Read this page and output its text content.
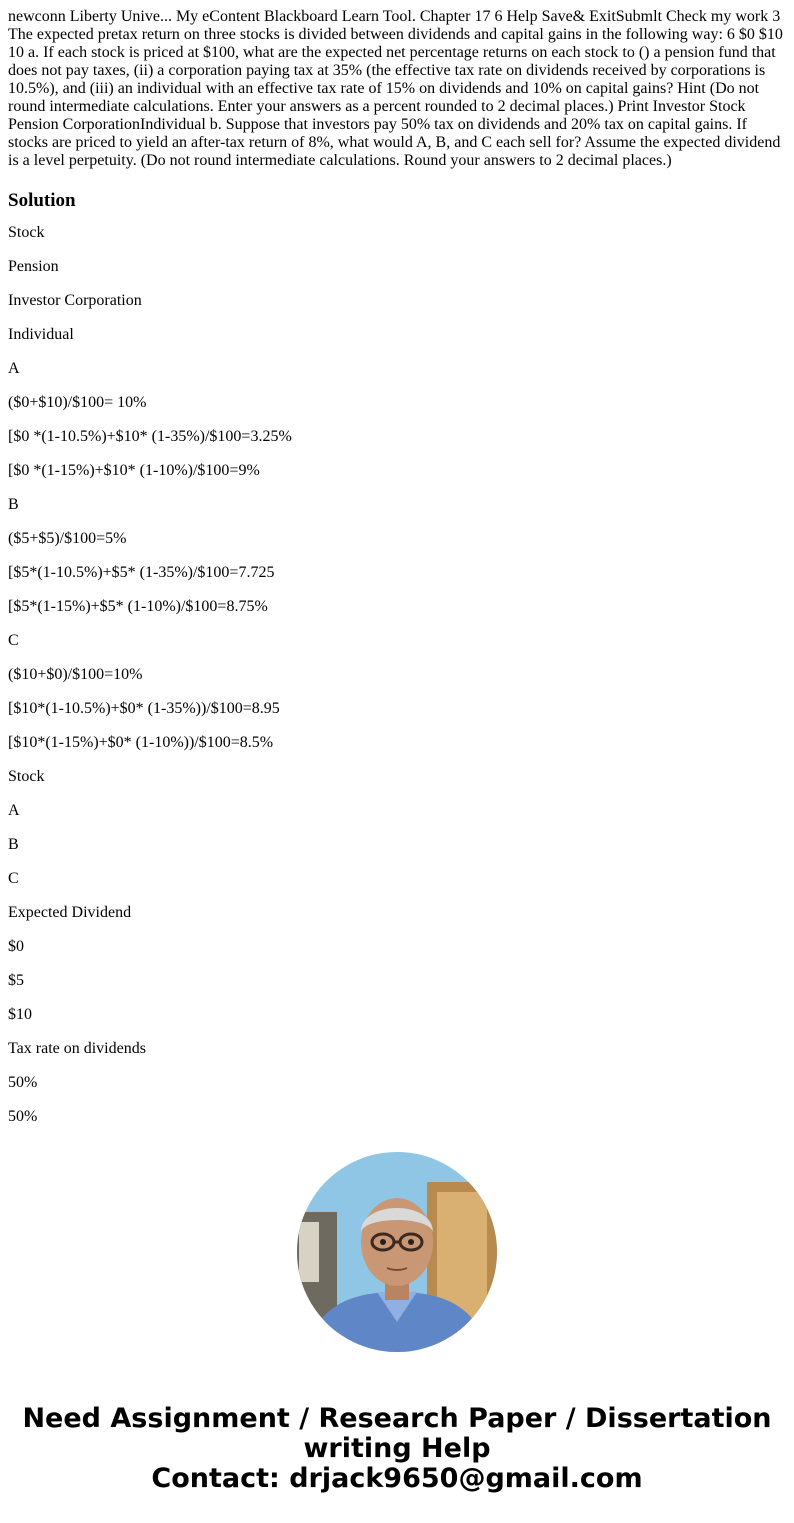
newconn Liberty Unive... My eContent Blackboard Learn Tool. Chapter 17 6 Help Save& ExitSubmlt Check my work 3 The expected pretax return on three stocks is divided between dividends and capital gains in the following way: 6 $0 $10 10 a. If each stock is priced at $100, what are the expected net percentage returns on each stock to () a pension fund that does not pay taxes, (ii) a corporation paying tax at 35% (the effective tax rate on dividends received by corporations is 10.5%), and (iii) an individual with an effective tax rate of 15% on dividends and 10% on capital gains? Hint (Do not round intermediate calculations. Enter your answers as a percent rounded to 2 decimal places.) Print Investor Stock Pension CorporationIndividual b. Suppose that investors pay 50% tax on dividends and 20% tax on capital gains. If stocks are priced to yield an after-tax return of 8%, what would A, B, and C each sell for? Assume the expected dividend is a level perpetuity. (Do not round intermediate calculations. Round your answers to 2 decimal places.)
Solution

Stock

Pension

Investor Corporation

Individual

A

($0+$10)/$100= 10%

[$0 *(1-10.5%)+$10* (1-35%)/$100=3.25%

[$0 *(1-15%)+$10* (1-10%)/$100=9%

B

($5+$5)/$100=5%

[$5*(1-10.5%)+$5* (1-35%)/$100=7.725

[$5*(1-15%)+$5* (1-10%)/$100=8.75%

C

($10+$0)/$100=10%

[$10*(1-10.5%)+$0* (1-35%))/$100=8.95

[$10*(1-15%)+$0* (1-10%))/$100=8.5%

Stock

A

B

C

Expected Dividend

$0

$5

$10

Tax rate on dividends

50%

50%

Need Assignment / Research Paper / Dissertation
writing Help
Contact: drjack9650@gmail.com
